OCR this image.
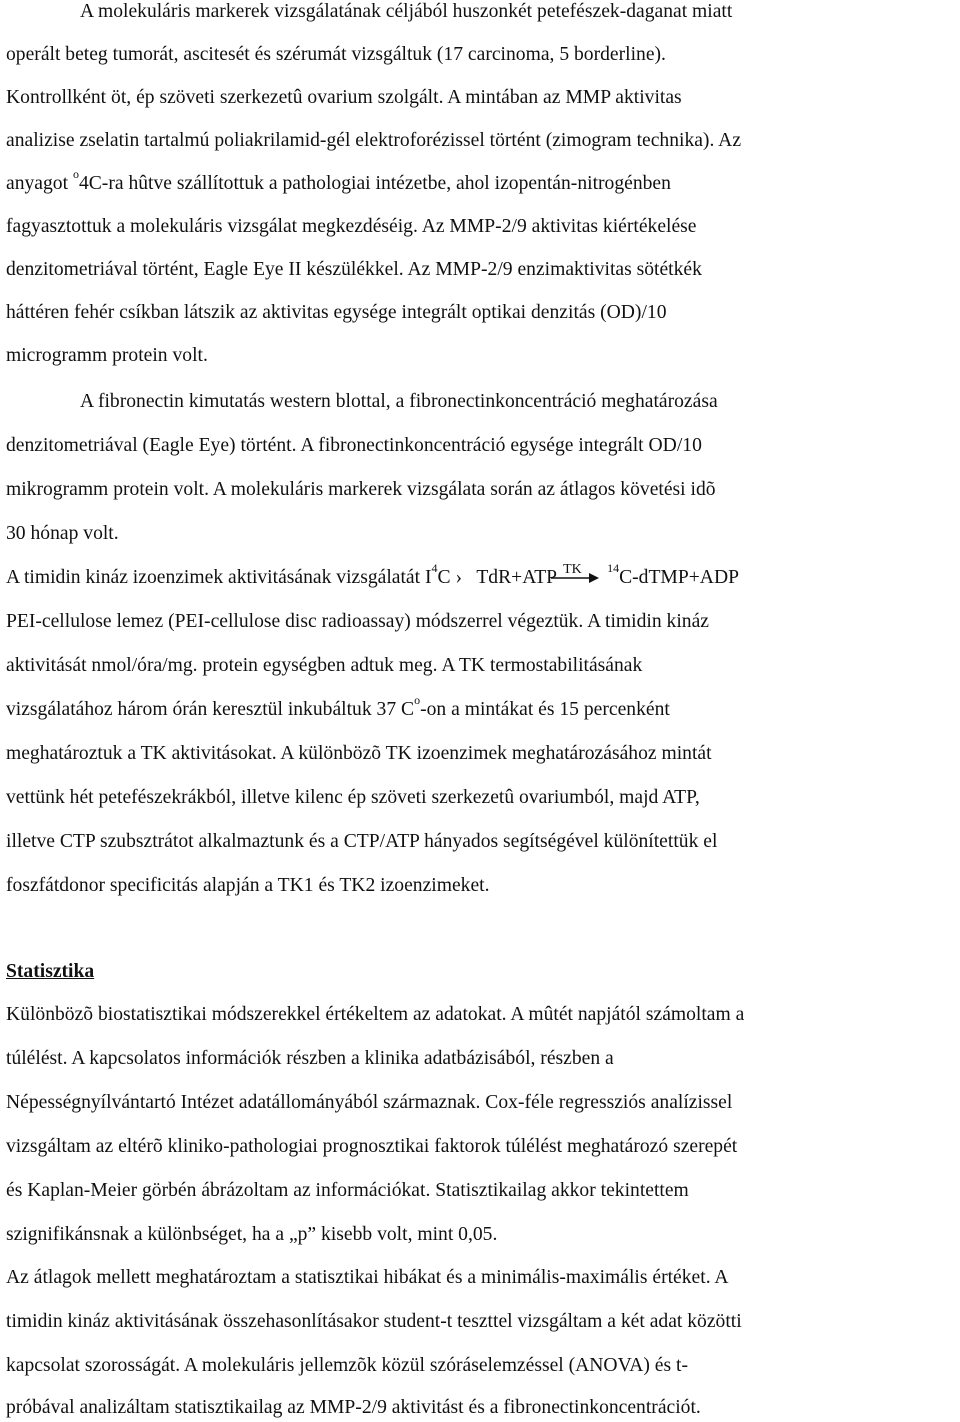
A molekuláris markerek vizsgálatának céljából huszonkét petefészek-daganat miatt
operált beteg tumorát, ascitesét és szérumát vizsgáltuk (17 carcinoma, 5 borderline).
Kontrollként öt, ép szöveti szerkezetû ovarium szolgált. A mintában az MMP aktivitas
analizise zselatin tartalmú poliakrilamid-gél elektroforézissel történt (zimogram technika). Az
anyagot $^o$4C-ra hûtve szállítottuk a pathologiai intézetbe, ahol izopentán-nitrogénben
fagyasztottuk a molekuláris vizsgálat megkezdéséig. Az MMP-2/9 aktivitas kiértékelése
denzitometriával történt, Eagle Eye II készülékkel. Az MMP-2/9 enzimaktivitas sötétkék
háttéren fehér csíkban látszik az aktivitas egysége integrált optikai denzitás (OD)/10
microgramm protein volt.
A fibronectin kimutatás western blottal, a fibronectinkoncentráció meghatározása
denzitometriával (Eagle Eye) történt. A fibronectinkoncentráció egysége integrált OD/10
mikrogramm protein volt. A molekuláris markerek vizsgálata során az átlagos követési idõ
30 hónap volt.
A timidin kináz izoenzimek aktivitásának vizsgálatát $I^4C$ ›   TdR+ATP TK $^{14}$C-dTMP+ADP
PEI-cellulose lemez (PEI-cellulose disc radioassay) módszerrel végeztük. A timidin kináz
aktivitását nmol/óra/mg. protein egységben adtuk meg. A TK termostabilitásának
vizsgálatához három órán keresztül inkubáltuk 37 $C^o-on$ a mintákat és 15 percenként
meghatároztuk a TK aktivitásokat. A különbözõ TK izoenzimek meghatározásához mintát
vettünk hét petefészekrákból, illetve kilenc ép szöveti szerkezetû ovariumból, majd ATP,
illetve CTP szubsztrátot alkalmaztunk és a CTP/ATP hányados segítségével különítettük el
foszfátdonor specificitás alapján a TK1 és TK2 izoenzimeket.
Statisztika
Különbözõ biostatisztikai módszerekkel értékeltem az adatokat. A mûtét napjától számoltam a
túlélést. A kapcsolatos információk részben a klinika adatbázisából, részben a
Népességnyílvántartó Intézet adatállományából származnak. Cox-féle regressziós analízissel
vizsgáltam az eltérõ kliniko-pathologiai prognosztikai faktorok túlélést meghatározó szerepét
és Kaplan-Meier görbén ábrázoltam az információkat. Statisztikailag akkor tekintettem
szignifikánsnak a különbséget, ha a „p” kisebb volt, mint 0,05.
Az átlagok mellett meghatároztam a statisztikai hibákat és a minimális-maximális értéket. A
timidin kináz aktivitásának összehasonlításakor student-t teszttel vizsgáltam a két adat közötti
kapcsolat szorosságát. A molekuláris jellemzõk közül szóráselemzéssel (ANOVA) és t-
próbával analizáltam statisztikailag az MMP-2/9 aktivitást és a fibronectinkoncentrációt.
